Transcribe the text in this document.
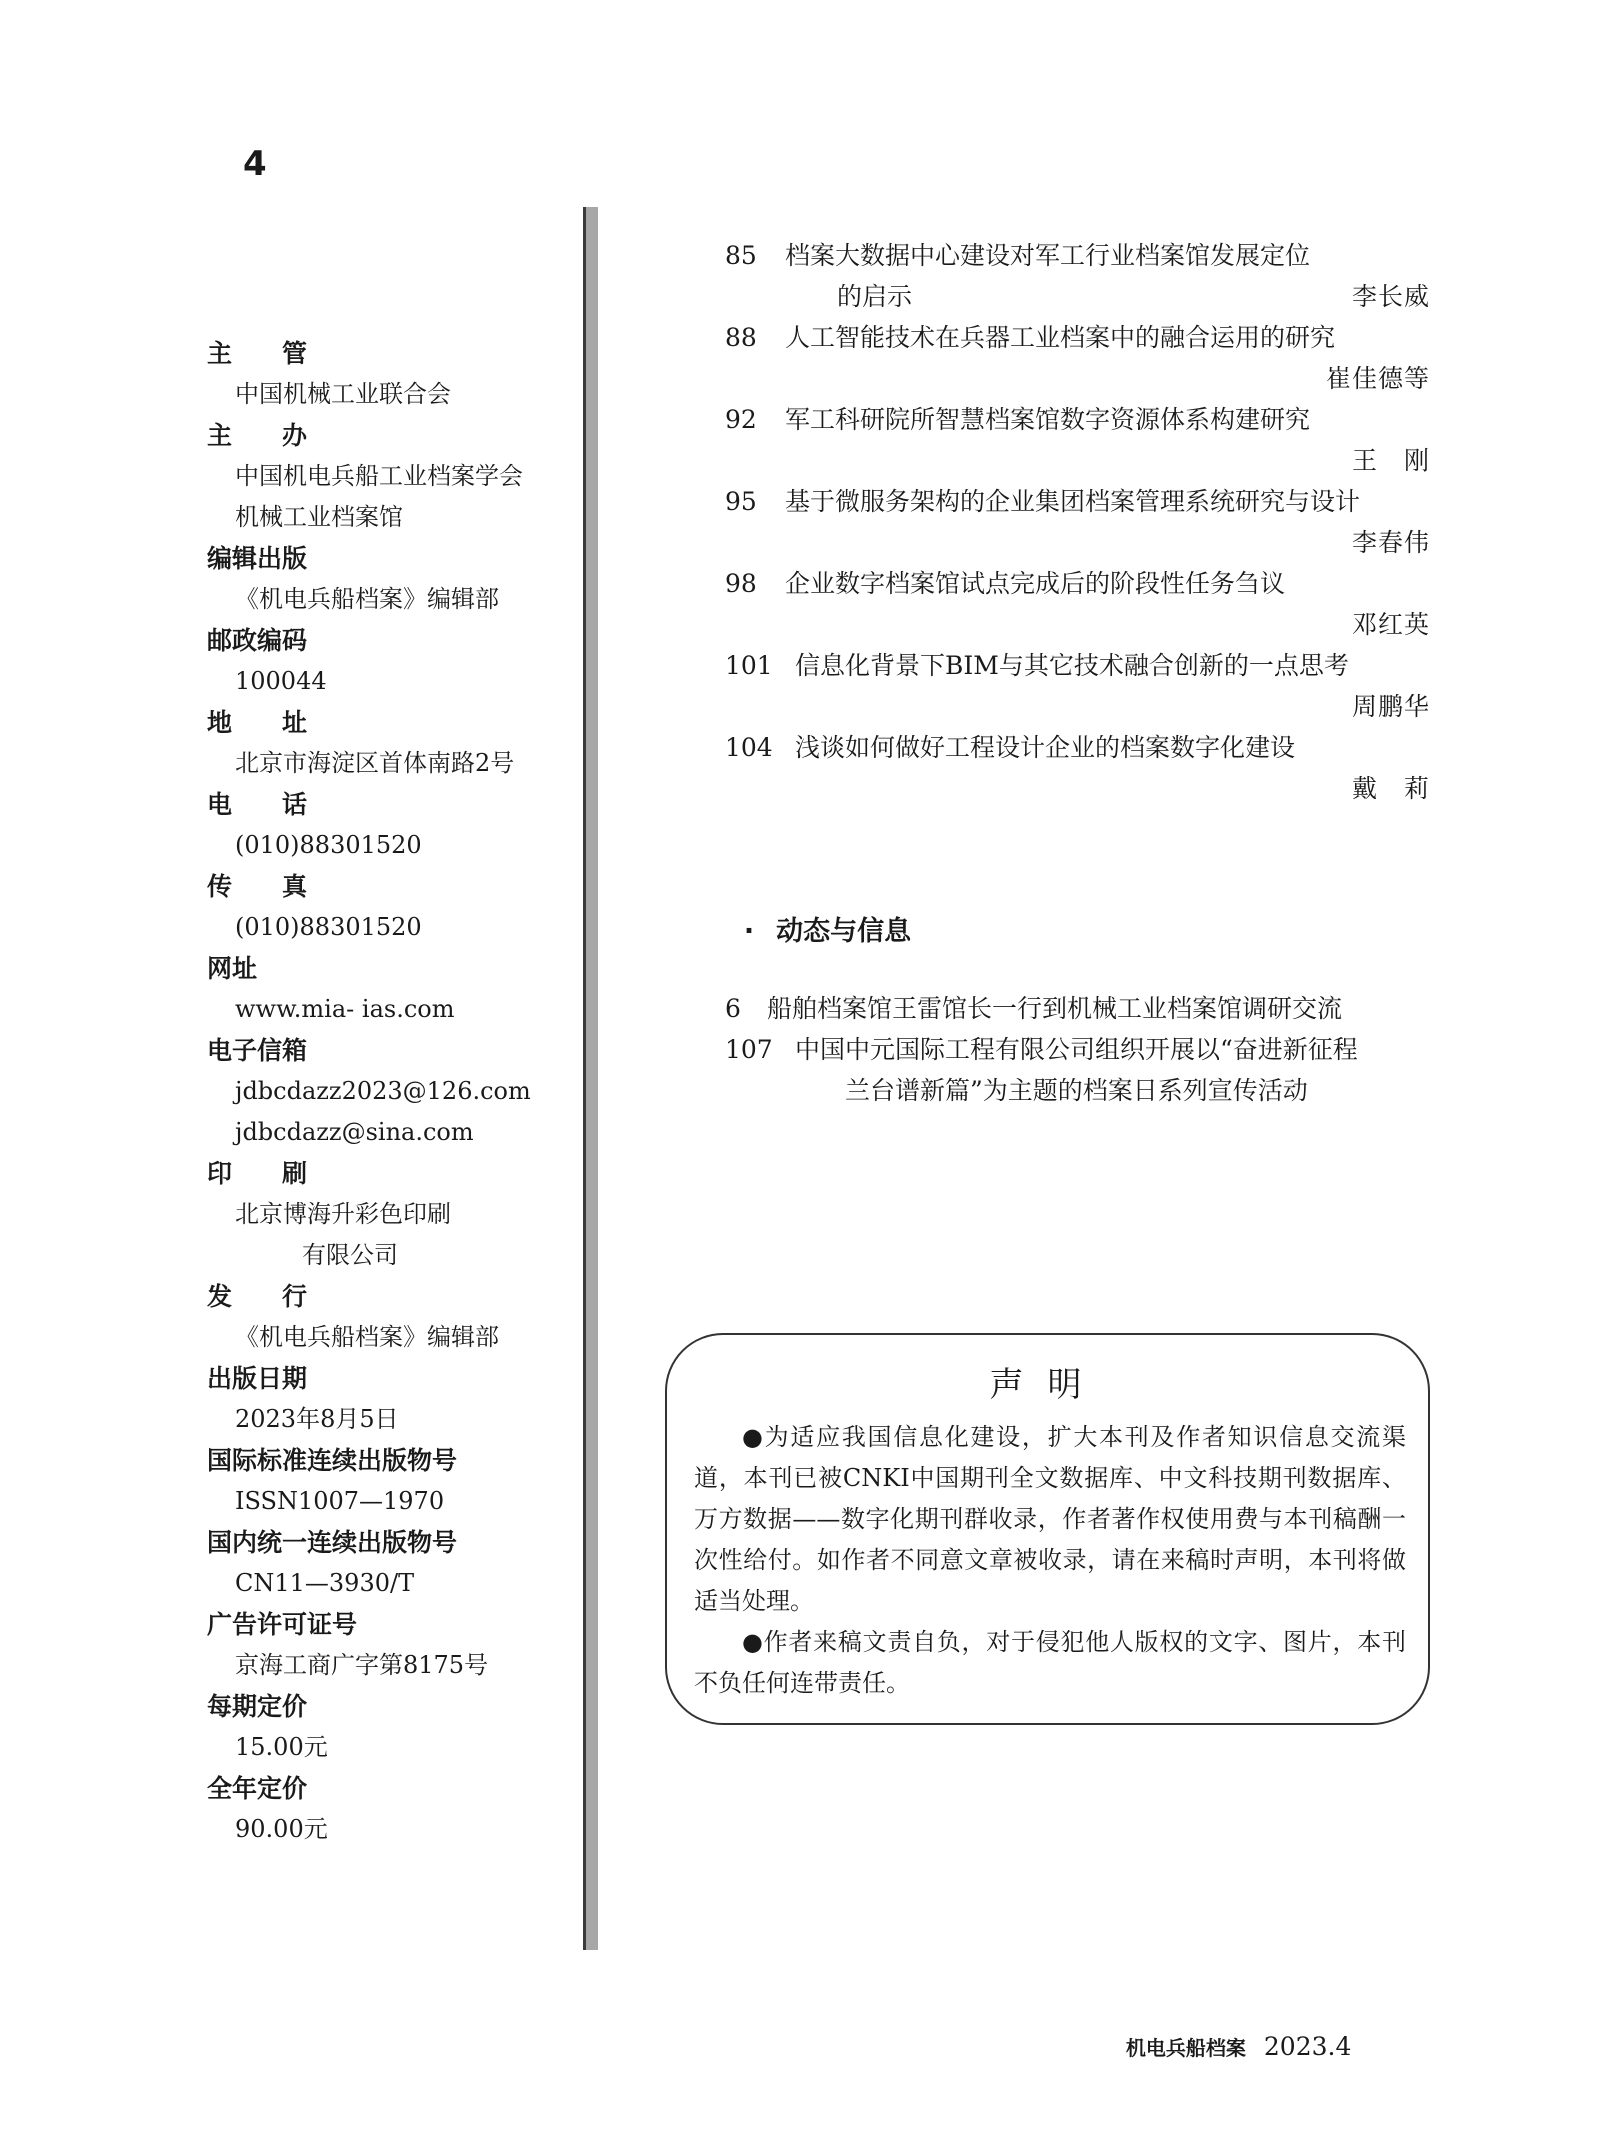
4
主　　管
中国机械工业联合会
主　　办
中国机电兵船工业档案学会
机械工业档案馆
编辑出版
《机电兵船档案》编辑部
邮政编码
100044
地　　址
北京市海淀区首体南路2号
电　　话
(010)88301520
传　　真
(010)88301520
网址
www.mia- ias.com
电子信箱
jdbcdazz2023@126.com
jdbcdazz@sina.com
印　　刷
北京博海升彩色印刷
有限公司
发　　行
《机电兵船档案》编辑部
出版日期
2023年8月5日
国际标准连续出版物号
ISSN1007—1970
国内统一连续出版物号
CN11—3930/T
广告许可证号
京海工商广字第8175号
每期定价
15.00元
全年定价
90.00元
85 档案大数据中心建设对军工行业档案馆发展定位
的启示	李长威
88 人工智能技术在兵器工业档案中的融合运用的研究
崔佳德等
92 军工科研院所智慧档案馆数字资源体系构建研究
王　刚
95 基于微服务架构的企业集团档案管理系统研究与设计
李春伟
98 企业数字档案馆试点完成后的阶段性任务刍议
邓红英
101 信息化背景下BIM与其它技术融合创新的一点思考
周鹏华
104 浅谈如何做好工程设计企业的档案数字化建设
戴　莉

· 动态与信息

6 船舶档案馆王雷馆长一行到机械工业档案馆调研交流
107 中国中元国际工程有限公司组织开展以“奋进新征程
兰台谱新篇”为主题的档案日系列宣传活动
声明

●为适应我国信息化建设，扩大本刊及作者知识信息交流渠道，本刊已被CNKI中国期刊全文数据库、中文科技期刊数据库、万方数据——数字化期刊群收录，作者著作权使用费与本刊稿酬一次性给付。如作者不同意文章被收录，请在来稿时声明，本刊将做适当处理。

●作者来稿文责自负，对于侵犯他人版权的文字、图片，本刊不负任何连带责任。

机电兵船档案 2023.4
